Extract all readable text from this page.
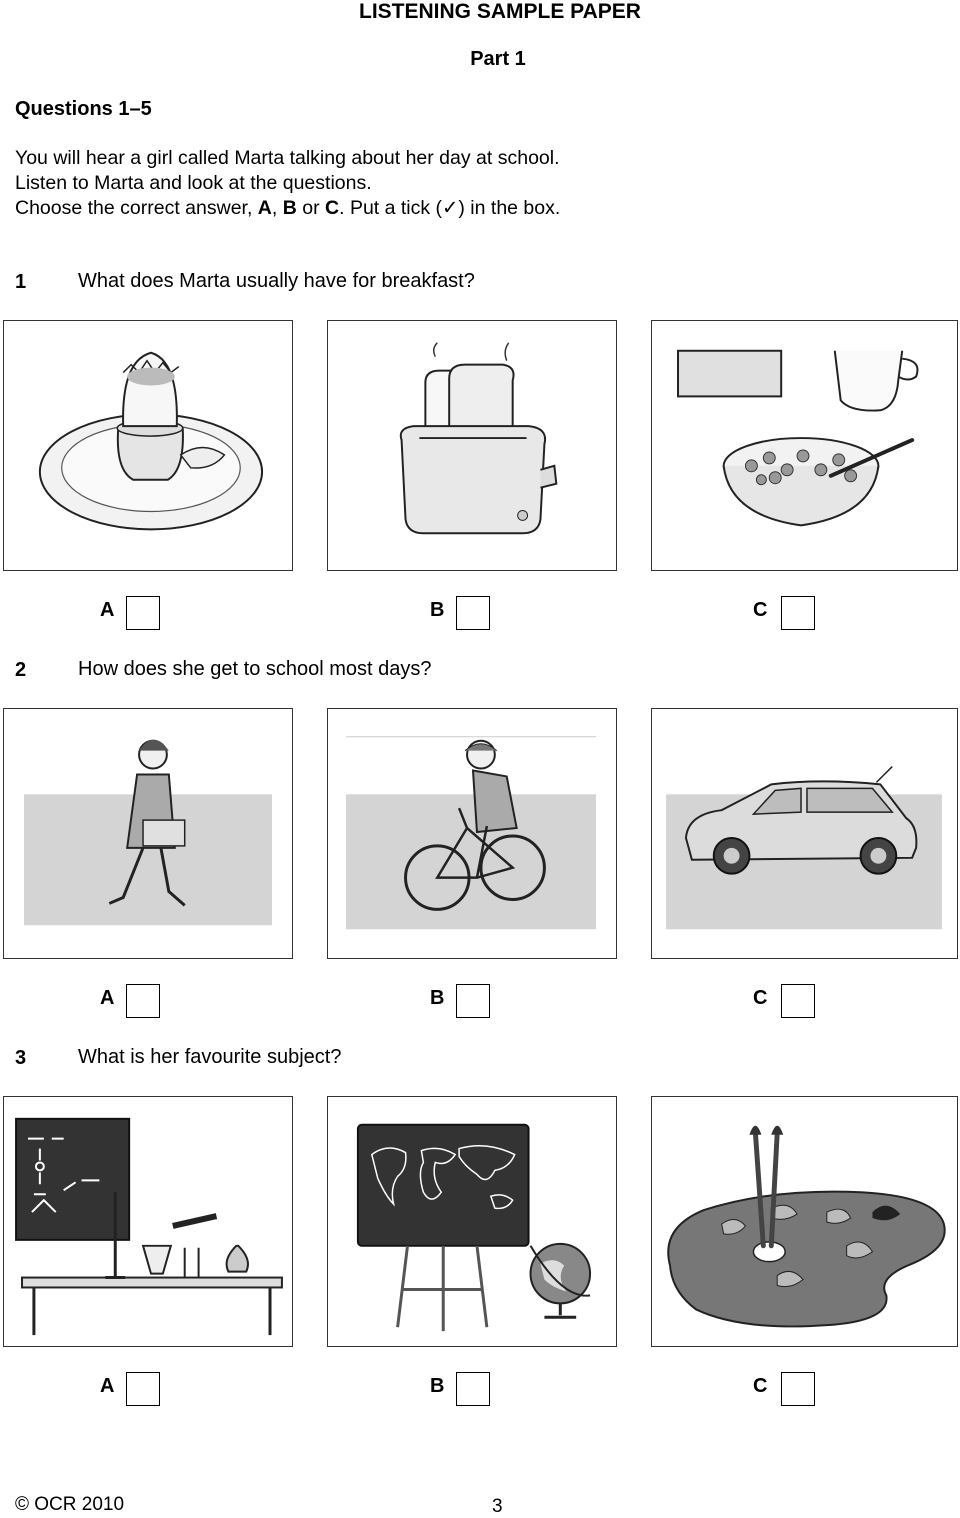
LISTENING SAMPLE PAPER
Part 1
Questions 1–5
You will hear a girl called Marta talking about her day at school.
Listen to Marta and look at the questions.
Choose the correct answer, A, B or C. Put a tick (✓) in the box.
1	What does Marta usually have for breakfast?
A	B	C
2	How does she get to school most days?
A	B	C
3	What is her favourite subject?
A	B	C
© OCR 2010	3
